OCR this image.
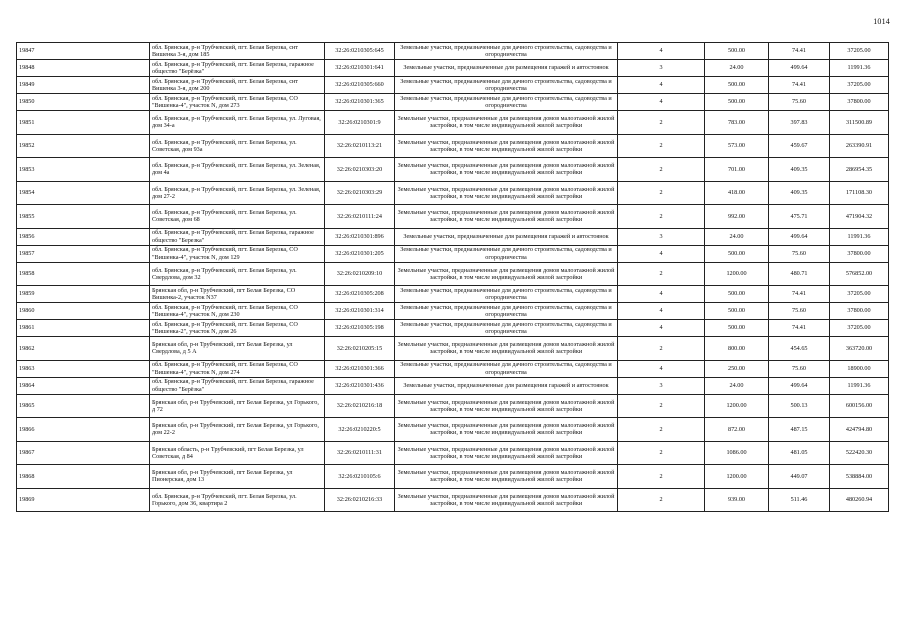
1014
19847	обл. Брянская, р-н Трубчевский, пгт. Белая Березка, снт Вишенка 3-я, дом 185	32:26:0210305:645	Земельные участки, предназначенные для дачного строительства, садоводства и огородничества	4	500.00	74.41	37205.00
19848	обл. Брянская, р-н Трубчевский, пгт. Белая Березка, гаражное общество "Берёзка"	32:26:0210301:641	Земельные участки, предназначенные для размещения гаражей и автостоянок	3	24.00	499.64	11991.36
19849	обл. Брянская, р-н Трубчевский, пгт. Белая Березка, снт Вишенка 3-я, дом 200	32:26:0210305:660	Земельные участки, предназначенные для дачного строительства, садоводства и огородничества	4	500.00	74.41	37205.00
19850	обл. Брянская, р-н Трубчевский, пгт. Белая Березка, СО "Вишенка-4", участок N, дом 273	32:26:0210301:365	Земельные участки, предназначенные для дачного строительства, садоводства и огородничества	4	500.00	75.60	37800.00
19851	обл. Брянская, р-н Трубчевский, пгт. Белая Березка, ул. Луговая, дом 34-а	32:26:0210301:9	Земельные участки, предназначенные для размещения домов малоэтажной жилой застройки, в том числе индивидуальной жилой застройки	2	783.00	397.83	311500.89
19852	обл. Брянская, р-н Трубчевский, пгт. Белая Березка, ул. Советская, дом 93а	32:26:0210113:21	Земельные участки, предназначенные для размещения домов малоэтажной жилой застройки, в том числе индивидуальной жилой застройки	2	573.00	459.67	263390.91
19853	обл. Брянская, р-н Трубчевский, пгт. Белая Березка, ул. Зеленая, дом 4а	32:26:0210303:20	Земельные участки, предназначенные для размещения домов малоэтажной жилой застройки, в том числе индивидуальной жилой застройки	2	701.00	409.35	286954.35
19854	обл. Брянская, р-н Трубчевский, пгт. Белая Березка, ул. Зеленая, дом 27-2	32:26:0210303:29	Земельные участки, предназначенные для размещения домов малоэтажной жилой застройки, в том числе индивидуальной жилой застройки	2	418.00	409.35	171108.30
19855	обл. Брянская, р-н Трубчевский, пгт. Белая Березка, ул. Советская, дом 68	32:26:0210111:24	Земельные участки, предназначенные для размещения домов малоэтажной жилой застройки, в том числе индивидуальной жилой застройки	2	992.00	475.71	471904.32
19856	обл. Брянская, р-н Трубчевский, пгт. Белая Березка, гаражное общество "Березка"	32:26:0210301:896	Земельные участки, предназначенные для размещения гаражей и автостоянок	3	24.00	499.64	11991.36
19857	обл. Брянская, р-н Трубчевский, пгт. Белая Березка, СО "Вишенка-4", участок N, дом 129	32:26:0210301:205	Земельные участки, предназначенные для дачного строительства, садоводства и огородничества	4	500.00	75.60	37800.00
19858	обл. Брянская, р-н Трубчевский, пгт. Белая Березка, ул. Свердлова, дом 32	32:26:0210209:10	Земельные участки, предназначенные для размещения домов малоэтажной жилой застройки, в том числе индивидуальной жилой застройки	2	1200.00	480.71	576852.00
19859	Брянская обл, р-н Трубчевский, пгт Белая Березка, СО Вишенка-2, участок N37	32:26:0210305:208	Земельные участки, предназначенные для дачного строительства, садоводства и огородничества	4	500.00	74.41	37205.00
19860	обл. Брянская, р-н Трубчевский, пгт. Белая Березка, СО "Вишенка-4", участок N, дом 230	32:26:0210301:314	Земельные участки, предназначенные для дачного строительства, садоводства и огородничества	4	500.00	75.60	37800.00
19861	обл. Брянская, р-н Трубчевский, пгт. Белая Березка, СО "Вишенка-2", участок N, дом 26	32:26:0210305:198	Земельные участки, предназначенные для дачного строительства, садоводства и огородничества	4	500.00	74.41	37205.00
19862	Брянская обл, р-н Трубчевский, пгт Белая Березка, ул Свердлова, д 5 А	32:26:0210205:15	Земельные участки, предназначенные для размещения домов малоэтажной жилой застройки, в том числе индивидуальной жилой застройки	2	800.00	454.65	363720.00
19863	обл. Брянская, р-н Трубчевский, пгт. Белая Березка, СО "Вишенка-4", участок N, дом 274	32:26:0210301:366	Земельные участки, предназначенные для дачного строительства, садоводства и огородничества	4	250.00	75.60	18900.00
19864	обл. Брянская, р-н Трубчевский, пгт. Белая Березка, гаражное общество "Берёзка"	32:26:0210301:436	Земельные участки, предназначенные для размещения гаражей и автостоянок	3	24.00	499.64	11991.36
19865	Брянская обл, р-н Трубчевский, пгт Белая Березка, ул Горького, д 72	32:26:0210216:18	Земельные участки, предназначенные для размещения домов малоэтажной жилой застройки, в том числе индивидуальной жилой застройки	2	1200.00	500.13	600156.00
19866	Брянская обл, р-н Трубчевский, пгт Белая Березка, ул Горького, дом 22-2	32:26:0210220:5	Земельные участки, предназначенные для размещения домов малоэтажной жилой застройки, в том числе индивидуальной жилой застройки	2	872.00	487.15	424794.80
19867	Брянская область, р-н Трубчевский, пгт Белая Березка, ул Советская, д 84	32:26:0210111:31	Земельные участки, предназначенные для размещения домов малоэтажной жилой застройки, в том числе индивидуальной жилой застройки	2	1086.00	481.05	522420.30
19868	Брянская обл, р-н Трубчевский, пгт Белая Березка, ул Пионерская, дом 13	32:26:0210105:6	Земельные участки, предназначенные для размещения домов малоэтажной жилой застройки, в том числе индивидуальной жилой застройки	2	1200.00	449.07	538884.00
19869	обл. Брянская, р-н Трубчевский, пгт. Белая Березка, ул. Горького, дом 36, квартира 2	32:26:0210216:33	Земельные участки, предназначенные для размещения домов малоэтажной жилой застройки, в том числе индивидуальной жилой застройки	2	939.00	511.46	480260.94
